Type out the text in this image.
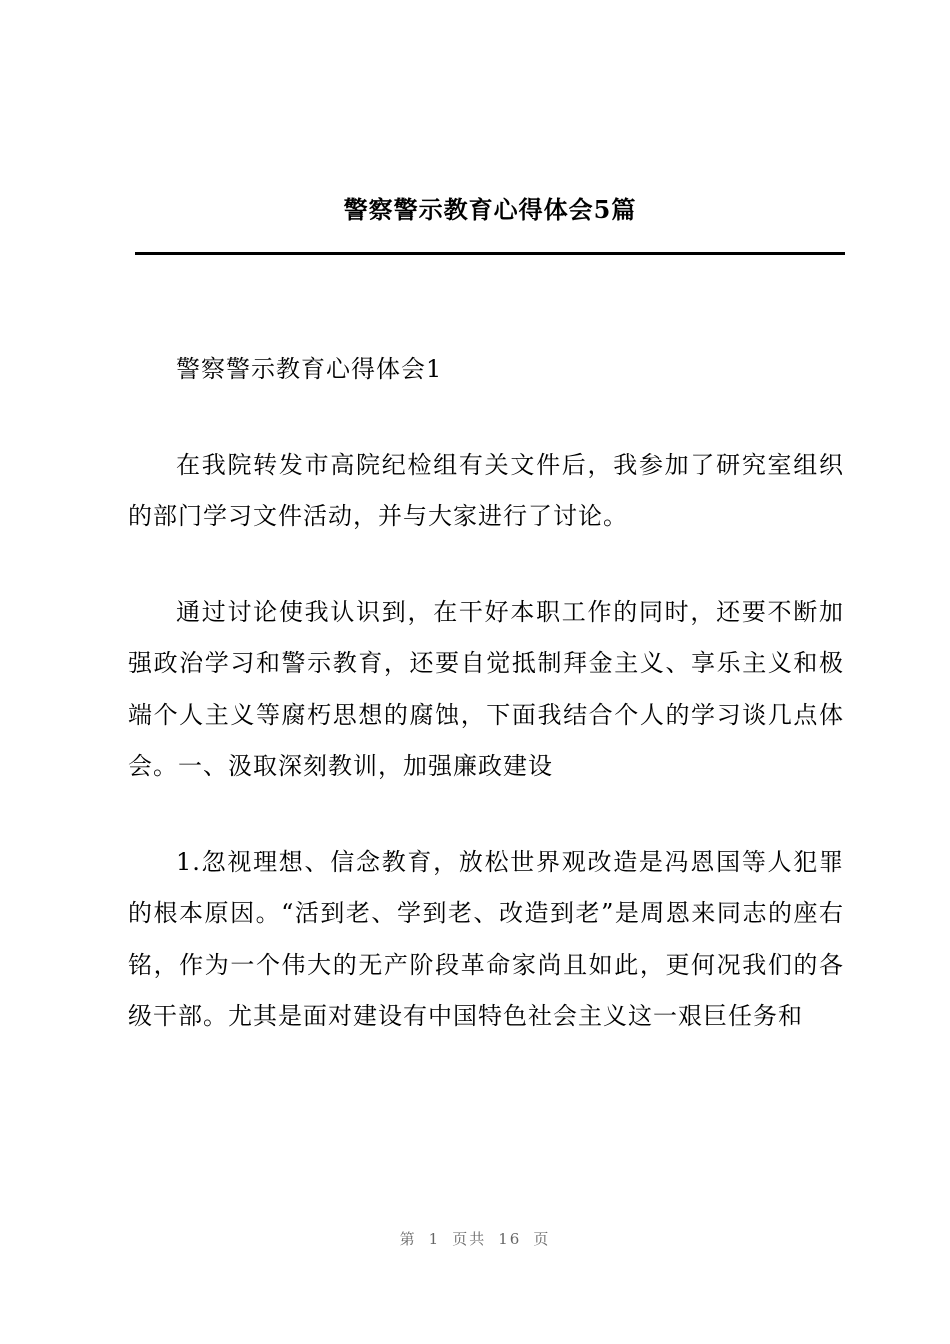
警察警示教育心得体会5篇

警察警示教育心得体会1

在我院转发市高院纪检组有关文件后，我参加了研究室组织的部门学习文件活动，并与大家进行了讨论。

通过讨论使我认识到，在干好本职工作的同时，还要不断加强政治学习和警示教育，还要自觉抵制拜金主义、享乐主义和极端个人主义等腐朽思想的腐蚀，下面我结合个人的学习谈几点体会。一、汲取深刻教训，加强廉政建设

1.忽视理想、信念教育，放松世界观改造是冯恩国等人犯罪的根本原因。“活到老、学到老、改造到老”是周恩来同志的座右铭，作为一个伟大的无产阶段革命家尚且如此，更何况我们的各级干部。尤其是面对建设有中国特色社会主义这一艰巨任务和

第 1 页共 16 页
